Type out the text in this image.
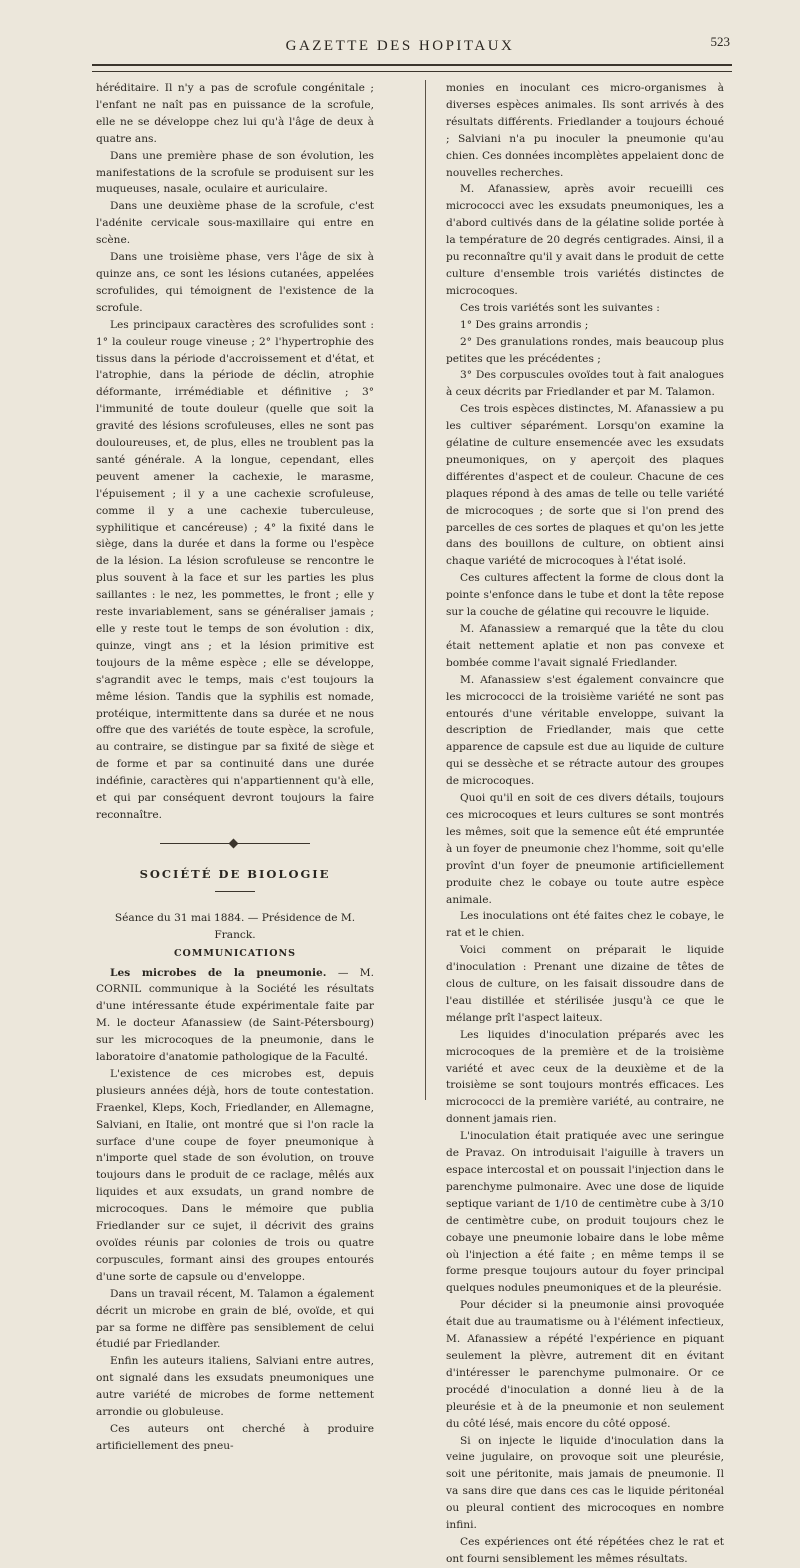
GAZETTE DES HOPITAUX	523

héréditaire. Il n'y a pas de scrofule congénitale ; l'enfant ne naît pas en puissance de la scrofule, elle ne se développe chez lui qu'à l'âge de deux à quatre ans.

Dans une première phase de son évolution, les manifestations de la scrofule se produisent sur les muqueuses, nasale, oculaire et auriculaire.

Dans une deuxième phase de la scrofule, c'est l'adénite cervicale sous-maxillaire qui entre en scène.

Dans une troisième phase, vers l'âge de six à quinze ans, ce sont les lésions cutanées, appelées scrofulides, qui témoignent de l'existence de la scrofule.

Les principaux caractères des scrofulides sont : 1° la couleur rouge vineuse ; 2° l'hypertrophie des tissus dans la période d'accroissement et d'état, et l'atrophie, dans la période de déclin, atrophie déformante, irrémédiable et définitive ; 3° l'immunité de toute douleur (quelle que soit la gravité des lésions scrofuleuses, elles ne sont pas douloureuses, et, de plus, elles ne troublent pas la santé générale. A la longue, cependant, elles peuvent amener la cachexie, le marasme, l'épuisement ; il y a une cachexie scrofuleuse, comme il y a une cachexie tuberculeuse, syphilitique et cancéreuse) ; 4° la fixité dans le siège, dans la durée et dans la forme ou l'espèce de la lésion. La lésion scrofuleuse se rencontre le plus souvent à la face et sur les parties les plus saillantes : le nez, les pommettes, le front ; elle y reste invariablement, sans se généraliser jamais ; elle y reste tout le temps de son évolution : dix, quinze, vingt ans ; et la lésion primitive est toujours de la même espèce ; elle se développe, s'agrandit avec le temps, mais c'est toujours la même lésion. Tandis que la syphilis est nomade, protéique, intermittente dans sa durée et ne nous offre que des variétés de toute espèce, la scrofule, au contraire, se distingue par sa fixité de siège et de forme et par sa continuité dans une durée indéfinie, caractères qui n'appartiennent qu'à elle, et qui par conséquent devront toujours la faire reconnaître.

SOCIÉTÉ DE BIOLOGIE

Séance du 31 mai 1884. — Présidence de M. Franck.

COMMUNICATIONS

Les microbes de la pneumonie. — M. CORNIL communique à la Société les résultats d'une intéressante étude expérimentale faite par M. le docteur Afanassiew (de Saint-Pétersbourg) sur les microcoques de la pneumonie, dans le laboratoire d'anatomie pathologique de la Faculté.

L'existence de ces microbes est, depuis plusieurs années déjà, hors de toute contestation. Fraenkel, Kleps, Koch, Friedlander, en Allemagne, Salviani, en Italie, ont montré que si l'on racle la surface d'une coupe de foyer pneumonique à n'importe quel stade de son évolution, on trouve toujours dans le produit de ce raclage, mêlés aux liquides et aux exsudats, un grand nombre de microcoques. Dans le mémoire que publia Friedlander sur ce sujet, il décrivit des grains ovoïdes réunis par colonies de trois ou quatre corpuscules, formant ainsi des groupes entourés d'une sorte de capsule ou d'enveloppe.

Dans un travail récent, M. Talamon a également décrit un microbe en grain de blé, ovoïde, et qui par sa forme ne diffère pas sensiblement de celui étudié par Friedlander.

Enfin les auteurs italiens, Salviani entre autres, ont signalé dans les exsudats pneumoniques une autre variété de microbes de forme nettement arrondie ou globuleuse.

Ces auteurs ont cherché à produire artificiellement des pneu-

monies en inoculant ces micro-organismes à diverses espèces animales. Ils sont arrivés à des résultats différents. Friedlander a toujours échoué ; Salviani n'a pu inoculer la pneumonie qu'au chien. Ces données incomplètes appelaient donc de nouvelles recherches.

M. Afanassiew, après avoir recueilli ces micrococci avec les exsudats pneumoniques, les a d'abord cultivés dans de la gélatine solide portée à la température de 20 degrés centigrades. Ainsi, il a pu reconnaître qu'il y avait dans le produit de cette culture d'ensemble trois variétés distinctes de microcoques.

Ces trois variétés sont les suivantes :

1° Des grains arrondis ;

2° Des granulations rondes, mais beaucoup plus petites que les précédentes ;

3° Des corpuscules ovoïdes tout à fait analogues à ceux décrits par Friedlander et par M. Talamon.

Ces trois espèces distinctes, M. Afanassiew a pu les cultiver séparément. Lorsqu'on examine la gélatine de culture ensemencée avec les exsudats pneumoniques, on y aperçoit des plaques différentes d'aspect et de couleur. Chacune de ces plaques répond à des amas de telle ou telle variété de microcoques ; de sorte que si l'on prend des parcelles de ces sortes de plaques et qu'on les jette dans des bouillons de culture, on obtient ainsi chaque variété de microcoques à l'état isolé.

Ces cultures affectent la forme de clous dont la pointe s'enfonce dans le tube et dont la tête repose sur la couche de gélatine qui recouvre le liquide.

M. Afanassiew a remarqué que la tête du clou était nettement aplatie et non pas convexe et bombée comme l'avait signalé Friedlander.

M. Afanassiew s'est également convaincre que les micrococci de la troisième variété ne sont pas entourés d'une véritable enveloppe, suivant la description de Friedlander, mais que cette apparence de capsule est due au liquide de culture qui se dessèche et se rétracte autour des groupes de microcoques.

Quoi qu'il en soit de ces divers détails, toujours ces microcoques et leurs cultures se sont montrés les mêmes, soit que la semence eût été empruntée à un foyer de pneumonie chez l'homme, soit qu'elle provînt d'un foyer de pneumonie artificiellement produite chez le cobaye ou toute autre espèce animale.

Les inoculations ont été faites chez le cobaye, le rat et le chien.

Voici comment on préparait le liquide d'inoculation : Prenant une dizaine de têtes de clous de culture, on les faisait dissoudre dans de l'eau distillée et stérilisée jusqu'à ce que le mélange prît l'aspect laiteux.

Les liquides d'inoculation préparés avec les microcoques de la première et de la troisième variété et avec ceux de la deuxième et de la troisième se sont toujours montrés efficaces. Les micrococci de la première variété, au contraire, ne donnent jamais rien.

L'inoculation était pratiquée avec une seringue de Pravaz. On introduisait l'aiguille à travers un espace intercostal et on poussait l'injection dans le parenchyme pulmonaire. Avec une dose de liquide septique variant de 1/10 de centimètre cube à 3/10 de centimètre cube, on produit toujours chez le cobaye une pneumonie lobaire dans le lobe même où l'injection a été faite ; en même temps il se forme presque toujours autour du foyer principal quelques nodules pneumoniques et de la pleurésie.

Pour décider si la pneumonie ainsi provoquée était due au traumatisme ou à l'élément infectieux, M. Afanassiew a répété l'expérience en piquant seulement la plèvre, autrement dit en évitant d'intéresser le parenchyme pulmonaire. Or ce procédé d'inoculation a donné lieu à de la pleurésie et à de la pneumonie et non seulement du côté lésé, mais encore du côté opposé.

Si on injecte le liquide d'inoculation dans la veine jugulaire, on provoque soit une pleurésie, soit une péritonite, mais jamais de pneumonie. Il va sans dire que dans ces cas le liquide péritonéal ou pleural contient des microcoques en nombre infini.

Ces expériences ont été répétées chez le rat et ont fourni sensiblement les mêmes résultats.
